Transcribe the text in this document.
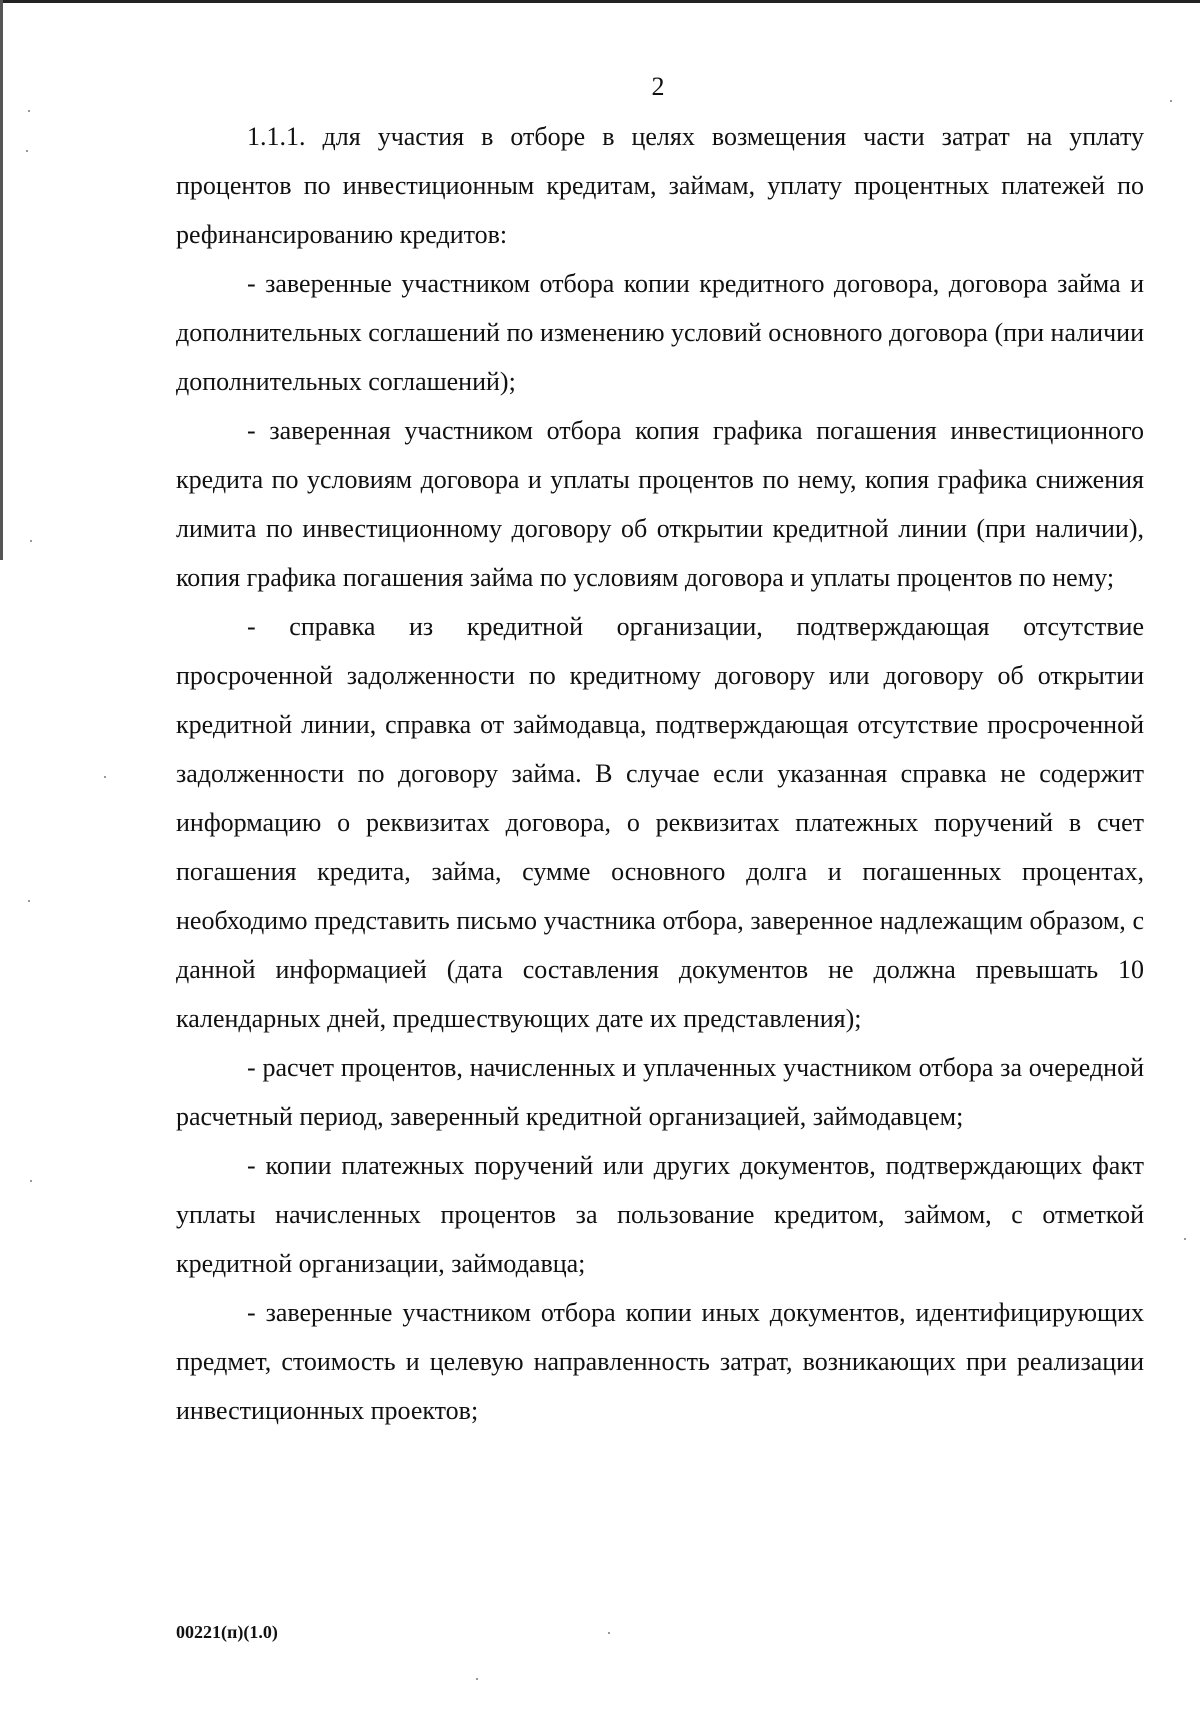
2

1.1.1. для участия в отборе в целях возмещения части затрат на уплату процентов по инвестиционным кредитам, займам, уплату процентных платежей по рефинансированию кредитов:

- заверенные участником отбора копии кредитного договора, договора займа и дополнительных соглашений по изменению условий основного договора (при наличии дополнительных соглашений);

- заверенная участником отбора копия графика погашения инвестиционного кредита по условиям договора и уплаты процентов по нему, копия графика снижения лимита по инвестиционному договору об открытии кредитной линии (при наличии), копия графика погашения займа по условиям договора и уплаты процентов по нему;

- справка из кредитной организации, подтверждающая отсутствие просроченной задолженности по кредитному договору или договору об открытии кредитной линии, справка от займодавца, подтверждающая отсутствие просроченной задолженности по договору займа. В случае если указанная справка не содержит информацию о реквизитах договора, о реквизитах платежных поручений в счет погашения кредита, займа, сумме основного долга и погашенных процентах, необходимо представить письмо участника отбора, заверенное надлежащим образом, с данной информацией (дата составления документов не должна превышать 10 календарных дней, предшествующих дате их представления);

- расчет процентов, начисленных и уплаченных участником отбора за очередной расчетный период, заверенный кредитной организацией, займодавцем;

- копии платежных поручений или других документов, подтверждающих факт уплаты начисленных процентов за пользование кредитом, займом, с отметкой кредитной организации, займодавца;

- заверенные участником отбора копии иных документов, идентифицирующих предмет, стоимость и целевую направленность затрат, возникающих при реализации инвестиционных проектов;

00221(п)(1.0)
